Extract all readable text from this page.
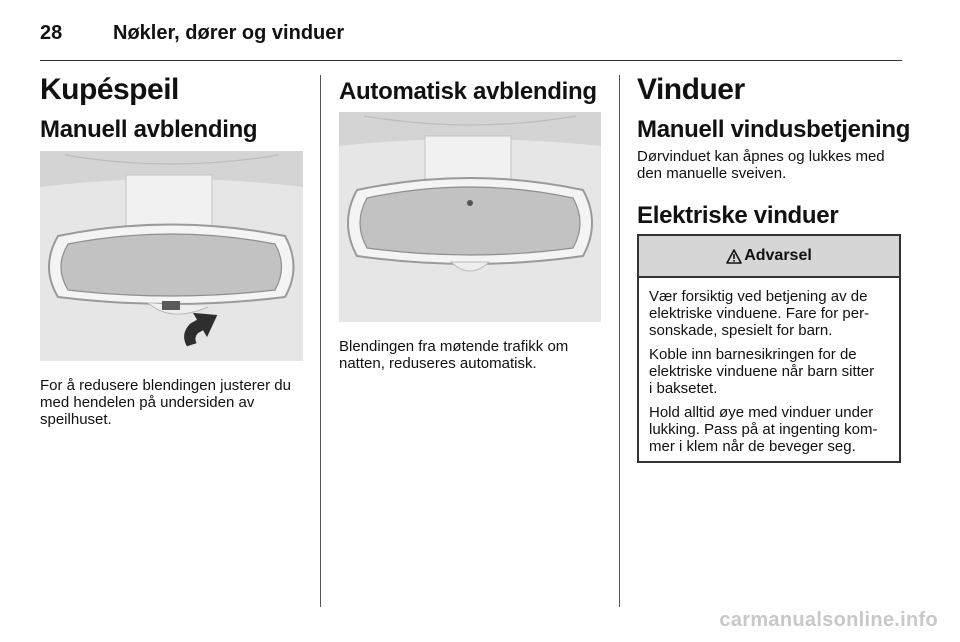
28	Nøkler, dører og vinduer
Kupéspeil
Manuell avblending
For å redusere blendingen justerer du
med hendelen på undersiden av
speilhuset.
Automatisk avblending
Blendingen fra møtende trafikk om
natten, reduseres automatisk.
Vinduer
Manuell vindusbetjening
Dørvinduet kan åpnes og lukkes med
den manuelle sveiven.
Elektriske vinduer
Advarsel

Vær forsiktig ved betjening av de
elektriske vinduene. Fare for per-
sonskade, spesielt for barn.

Koble inn barnesikringen for de
elektriske vinduene når barn sitter
i baksetet.

Hold alltid øye med vinduer under
lukking. Pass på at ingenting kom-
mer i klem når de beveger seg.

carmanualsonline.info
